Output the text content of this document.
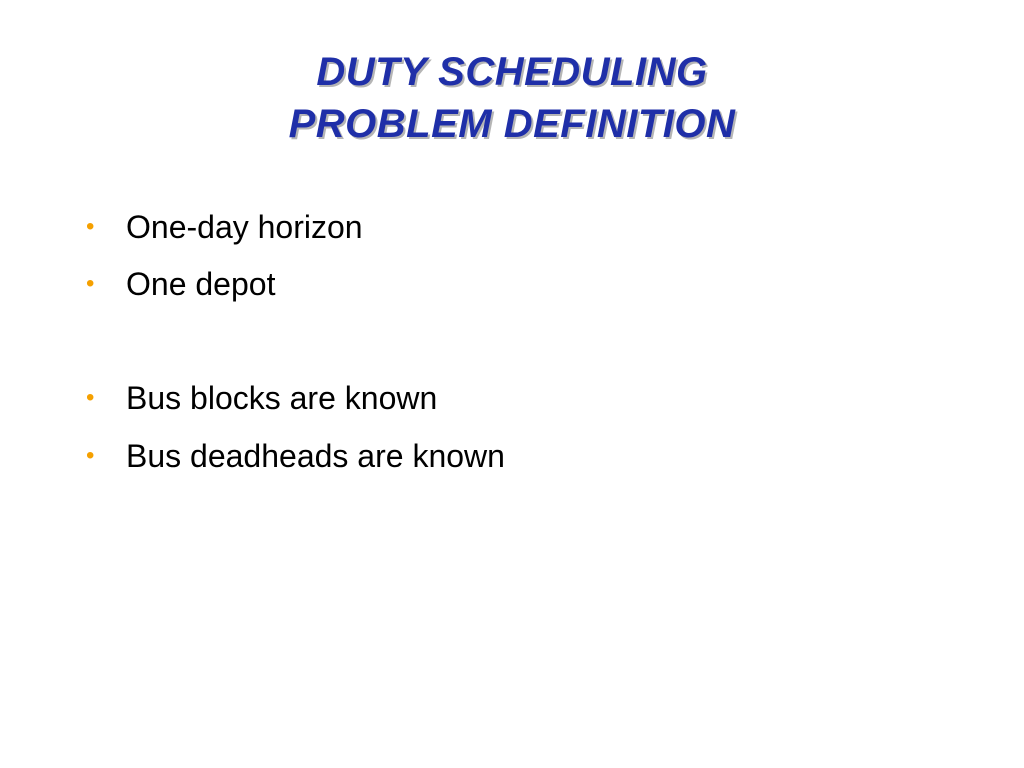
DUTY SCHEDULING
PROBLEM DEFINITION
• One-day horizon
• One depot
• Bus blocks are known
• Bus deadheads are known
